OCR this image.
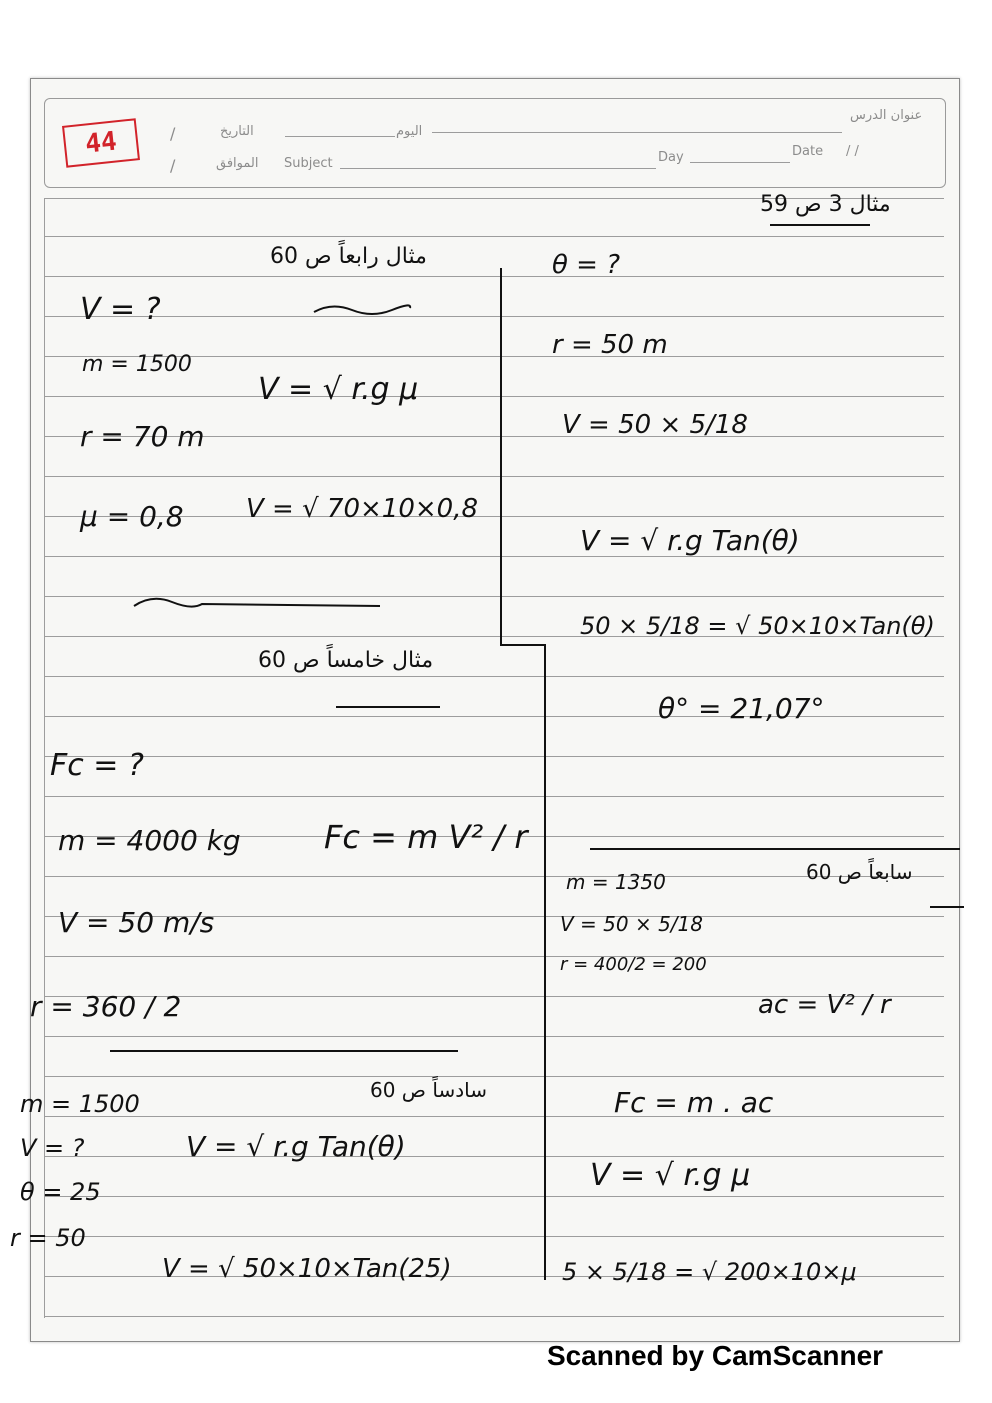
44	/
/
التاريخ
الموافق Subject
اليوم
Day	Date / /
عنوان الدرس
مثال 3 ص 59
θ = ?
r = 50 m
V = 50 × 5/18
V = √ r.g Tan(θ)
50 × 5/18 = √ 50×10×Tan(θ)
θ° = 21,07°
مثال رابعاً ص 60
V = ?
m = 1500
r = 70 m
μ = 0,8
V = √ r.g μ
V = √ 70×10×0,8
مثال خامساً ص 60
Fc = ?
m = 4000 kg
V = 50 m/s
r = 360 / 2
Fc = m V² / r
سادساً ص 60
m = 1500
V = ?
θ = 25
r = 50
V = √ r.g Tan(θ)
V = √ 50×10×Tan(25)
سابعاً ص 60
m = 1350
V = 50 × 5/18
r = 400/2 = 200
ac = V² / r
Fc = m . ac
V = √ r.g μ
5 × 5/18 = √ 200×10×μ
Scanned by CamScanner
